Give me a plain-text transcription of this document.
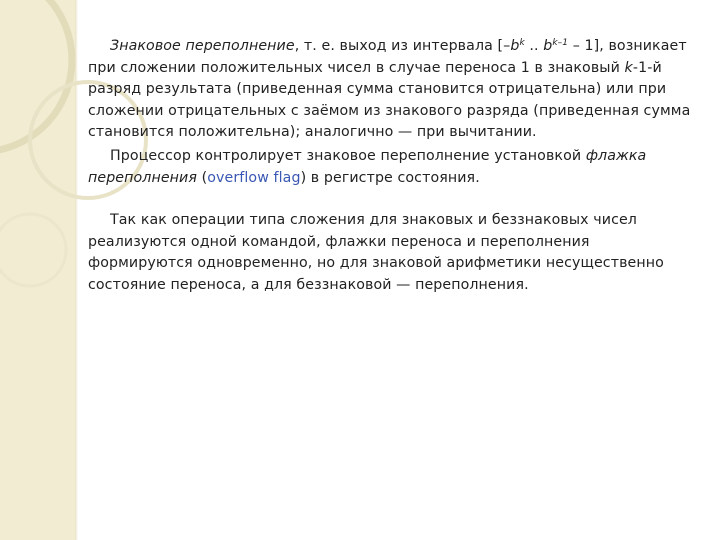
Знаковое переполнение, т. е. выход из интервала [$-b^k$ .. $b^{k-1} - 1$], возникает при сложении положительных чисел в случае переноса 1 в знаковый k-1-й разряд результата (приведенная сумма становится отрицательна) или при сложении отрицательных с заёмом из знакового разряда (приведенная сумма становится положительна); аналогично — при вычитании.

Процессор контролирует знаковое переполнение установкой флажка переполнения (overflow flag) в регистре состояния.

Так как операции типа сложения для знаковых и беззнаковых чисел реализуются одной командой, флажки переноса и переполнения формируются одновременно, но для знаковой арифметики несущественно состояние переноса, а для беззнаковой — переполнения.
